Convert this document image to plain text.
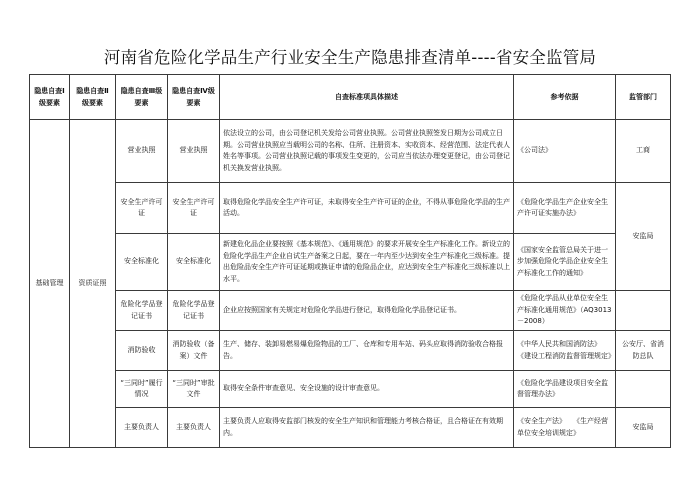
河南省危险化学品生产行业安全生产隐患排查清单----省安全监管局
隐患自查Ⅰ级要素	隐患自查Ⅱ级要素	隐患自查Ⅲ级要素	隐患自查Ⅳ级要素	自查标准项具体描述	参考依据	监管部门
基础管理	资质证照	营业执照	营业执照	依法设立的公司，由公司登记机关发给公司营业执照。公司营业执照签发日期为公司成立日期。公司营业执照应当载明公司的名称、住所、注册资本、实收资本、经营范围、法定代表人姓名等事项。公司营业执照记载的事项发生变更的，公司应当依法办理变更登记，由公司登记机关换发营业执照。	《公司法》	工商
		安全生产许可证	安全生产许可证	取得危险化学品安全生产许可证，未取得安全生产许可证的企业，不得从事危险化学品的生产活动。	《危险化学品生产企业安全生产许可证实施办法》	安监局
		安全标准化	安全标准化	新建危化品企业要按照《基本规范》、《通用规范》的要求开展安全生产标准化工作。新设立的危险化学品生产企业自试生产备案之日起，要在一年内至少达到安全生产标准化三级标准。提出危险品安全生产许可证延期或换证申请的危险品企业，应达到安全生产标准化三级标准以上水平。	《国家安全监管总局关于进一步加强危险化学品企业安全生产标准化工作的通知》	
		危险化学品登记证书	危险化学品登记证书	企业应按照国家有关规定对危险化学品进行登记，取得危险化学品登记证书。	《危险化学品从业单位安全生产标准化通用规范》（AQ3013－2008）	
		消防验收	消防验收（备案）文件	生产、储存、装卸易燃易爆危险物品的工厂、仓库和专用车站、码头应取得消防验收合格报告。	《中华人民共和国消防法》　《建设工程消防监督管理规定》	公安厅、省消防总队
		“三同时”履行情况	“三同时”审批文件	取得安全条件审查意见、安全设施的设计审查意见。	《危险化学品建设项目安全监督管理办法》	
		主要负责人	主要负责人	主要负责人应取得安监部门核发的安全生产知识和管理能力考核合格证，且合格证在有效期内。	《安全生产法》　　《生产经营单位安全培训规定》	安监局
